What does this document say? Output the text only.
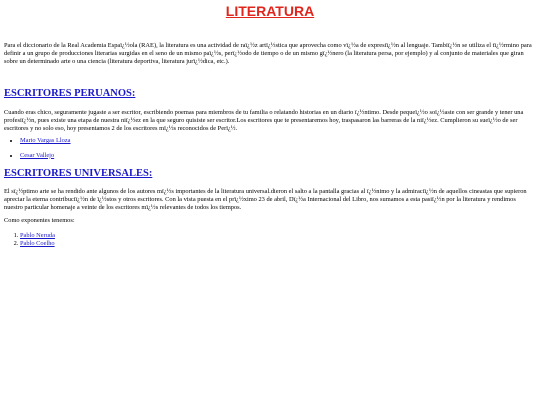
LITERATURA
Para el diccionario de la Real Academia Espaï¿½ola (RAE), la literatura es una actividad de raï¿½z artï¿½stica que aprovecha como vï¿½a de expresiï¿½n al lenguaje. Tambiï¿½n se utiliza el tï¿½rmino para definir a un grupo de producciones literarias surgidas en el seno de un mismo paï¿½s, perï¿½odo de tiempo o de un mismo gï¿½nero (la literatura persa, por ejemplo) y al conjunto de materiales que giran sobre un determinado arte o una ciencia (literatura deportiva, literatura jurï¿½dica, etc.).
ESCRITORES PERUANOS:
Cuando eras chico, seguramente jugaste a ser escritor, escribiendo poemas para miembros de tu familia o relatando historias en un diario ï¿½ntimo. Desde pequeï¿½o soï¿½aste con ser grande y tener una profesiï¿½n, pues existe una etapa de nuestra niï¿½ez en la que seguro quisiste ser escritor.Los escritores que te presentaremos hoy, traspasaron las barreras de la niï¿½ez. Cumplieron su sueï¿½o de ser escritores y no solo eso, hoy presentamos 2 de los escritores mï¿½s reconocidos de Perï¿½.
• Mario Vargas Lloza
• Cesar Vallejo
ESCRITORES UNIVERSALES:
El sï¿½ptimo arte se ha rendido ante algunos de los autores mï¿½s importantes de la literatura universal.dieron el salto a la pantalla gracias al ï¿½nimo y la admiraciï¿½n de aquellos cineastas que supieron apreciar la eterna contribuciï¿½n de ï¿½stos y otros escritores. Con la vista puesta en el prï¿½ximo 23 de abril, Dï¿½a Internacional del Libro, nos sumamos a esta pasiï¿½n por la literatura y rendimos nuestro particular homenaje a veinte de los escritores mï¿½s relevantes de todos los tiempos.
Como exponentes tenemos:
1. Pablo Neruda
2. Pablo Coelho
